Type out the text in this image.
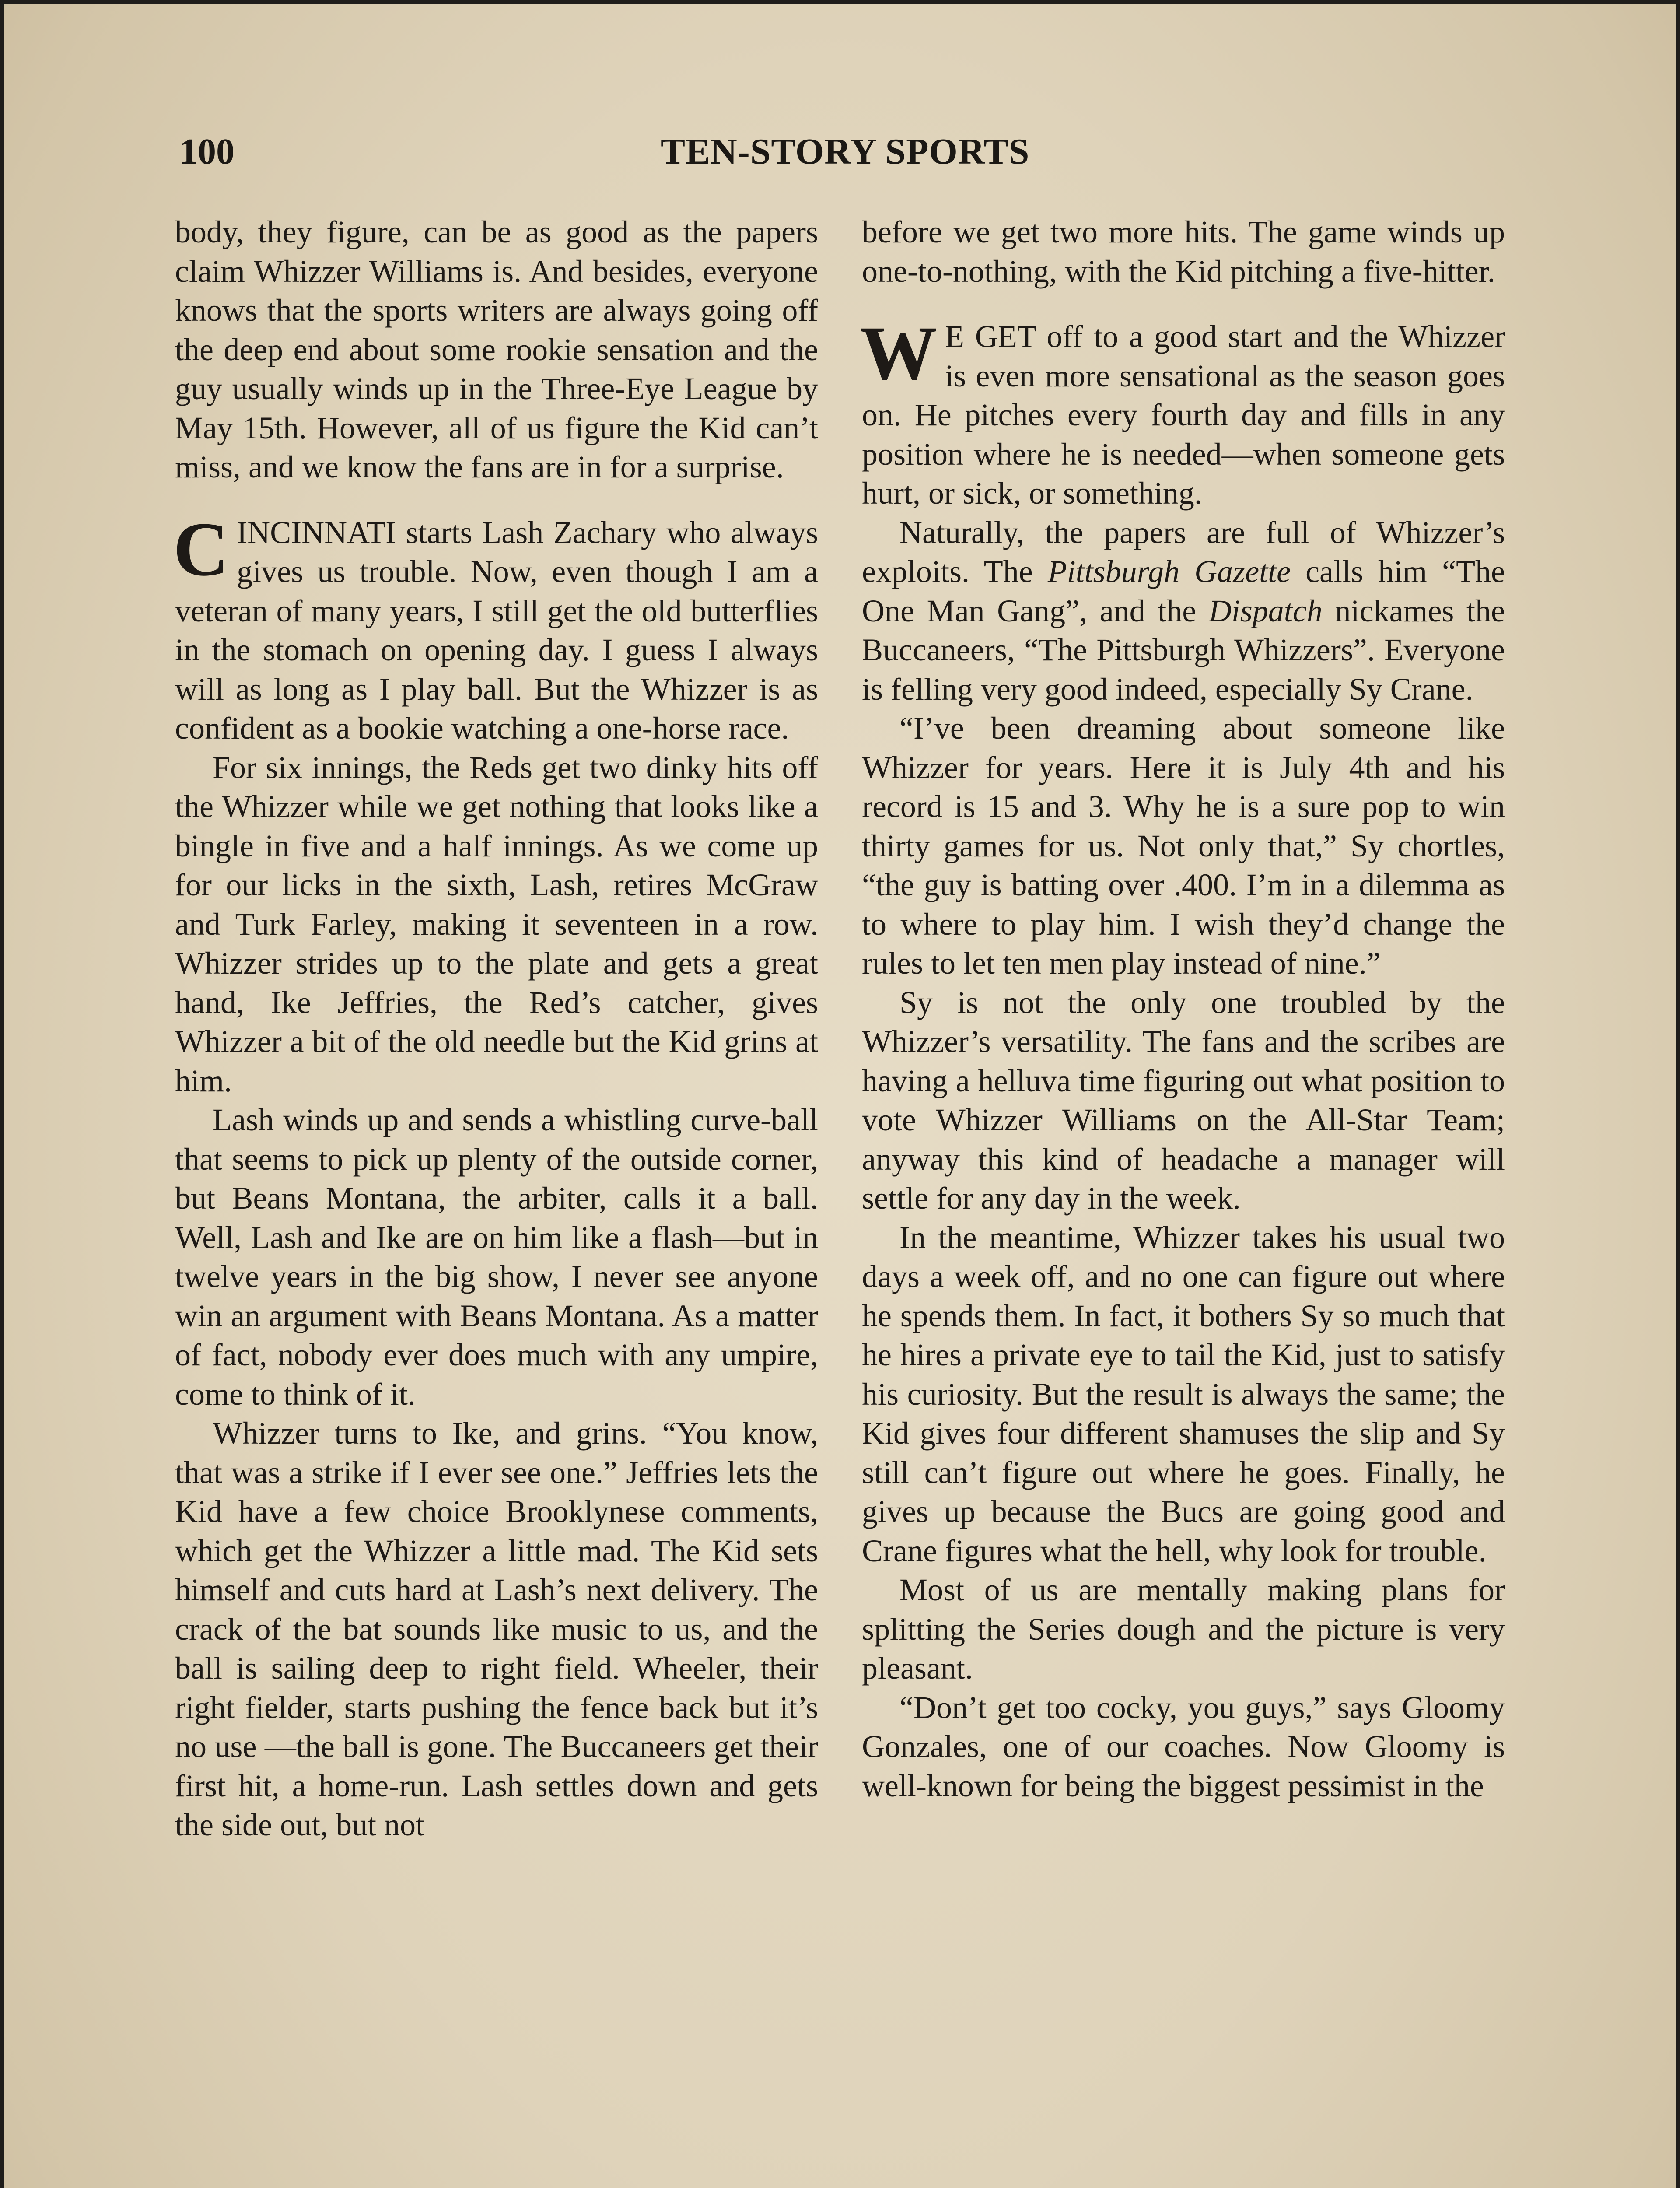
100	TEN-STORY SPORTS

body, they figure, can be as good as the papers claim Whizzer Williams is. And besides, everyone knows that the sports writers are always going off the deep end about some rookie sensation and the guy usually winds up in the Three-Eye League by May 15th. However, all of us figure the Kid can’t miss, and we know the fans are in for a surprise.

CINCINNATI starts Lash Zachary who always gives us trouble. Now, even though I am a veteran of many years, I still get the old butterflies in the stomach on opening day. I guess I always will as long as I play ball. But the Whizzer is as confident as a bookie watching a one-horse race.

For six innings, the Reds get two dinky hits off the Whizzer while we get nothing that looks like a bingle in five and a half innings. As we come up for our licks in the sixth, Lash, retires McGraw and Turk Farley, making it seventeen in a row. Whizzer strides up to the plate and gets a great hand, Ike Jeffries, the Red’s catcher, gives Whizzer a bit of the old needle but the Kid grins at him.

Lash winds up and sends a whistling curve-ball that seems to pick up plenty of the outside corner, but Beans Montana, the arbiter, calls it a ball. Well, Lash and Ike are on him like a flash—but in twelve years in the big show, I never see anyone win an argument with Beans Montana. As a matter of fact, nobody ever does much with any umpire, come to think of it.

Whizzer turns to Ike, and grins. “You know, that was a strike if I ever see one.” Jeffries lets the Kid have a few choice Brooklynese comments, which get the Whizzer a little mad. The Kid sets himself and cuts hard at Lash’s next delivery. The crack of the bat sounds like music to us, and the ball is sailing deep to right field. Wheeler, their right fielder, starts pushing the fence back but it’s no use —the ball is gone. The Buccaneers get their first hit, a home-run. Lash settles down and gets the side out, but not

before we get two more hits. The game winds up one-to-nothing, with the Kid pitching a five-hitter.

W E GET off to a good start and the Whizzer is even more sensational as the season goes on. He pitches every fourth day and fills in any position where he is needed—when someone gets hurt, or sick, or something.

Naturally, the papers are full of Whizzer’s exploits. The Pittsburgh Gazette calls him “The One Man Gang”, and the Dispatch nickames the Buccaneers, “The Pittsburgh Whizzers”. Everyone is felling very good indeed, especially Sy Crane.

“I’ve been dreaming about someone like Whizzer for years. Here it is July 4th and his record is 15 and 3. Why he is a sure pop to win thirty games for us. Not only that,” Sy chortles, “the guy is batting over .400. I’m in a dilemma as to where to play him. I wish they’d change the rules to let ten men play instead of nine.”

Sy is not the only one troubled by the Whizzer’s versatility. The fans and the scribes are having a helluva time figuring out what position to vote Whizzer Williams on the All-Star Team; anyway this kind of headache a manager will settle for any day in the week.

In the meantime, Whizzer takes his usual two days a week off, and no one can figure out where he spends them. In fact, it bothers Sy so much that he hires a private eye to tail the Kid, just to satisfy his curiosity. But the result is always the same; the Kid gives four different shamuses the slip and Sy still can’t figure out where he goes. Finally, he gives up because the Bucs are going good and Crane figures what the hell, why look for trouble.

Most of us are mentally making plans for splitting the Series dough and the picture is very pleasant.

“Don’t get too cocky, you guys,” says Gloomy Gonzales, one of our coaches. Now Gloomy is well-known for being the biggest pessimist in the
